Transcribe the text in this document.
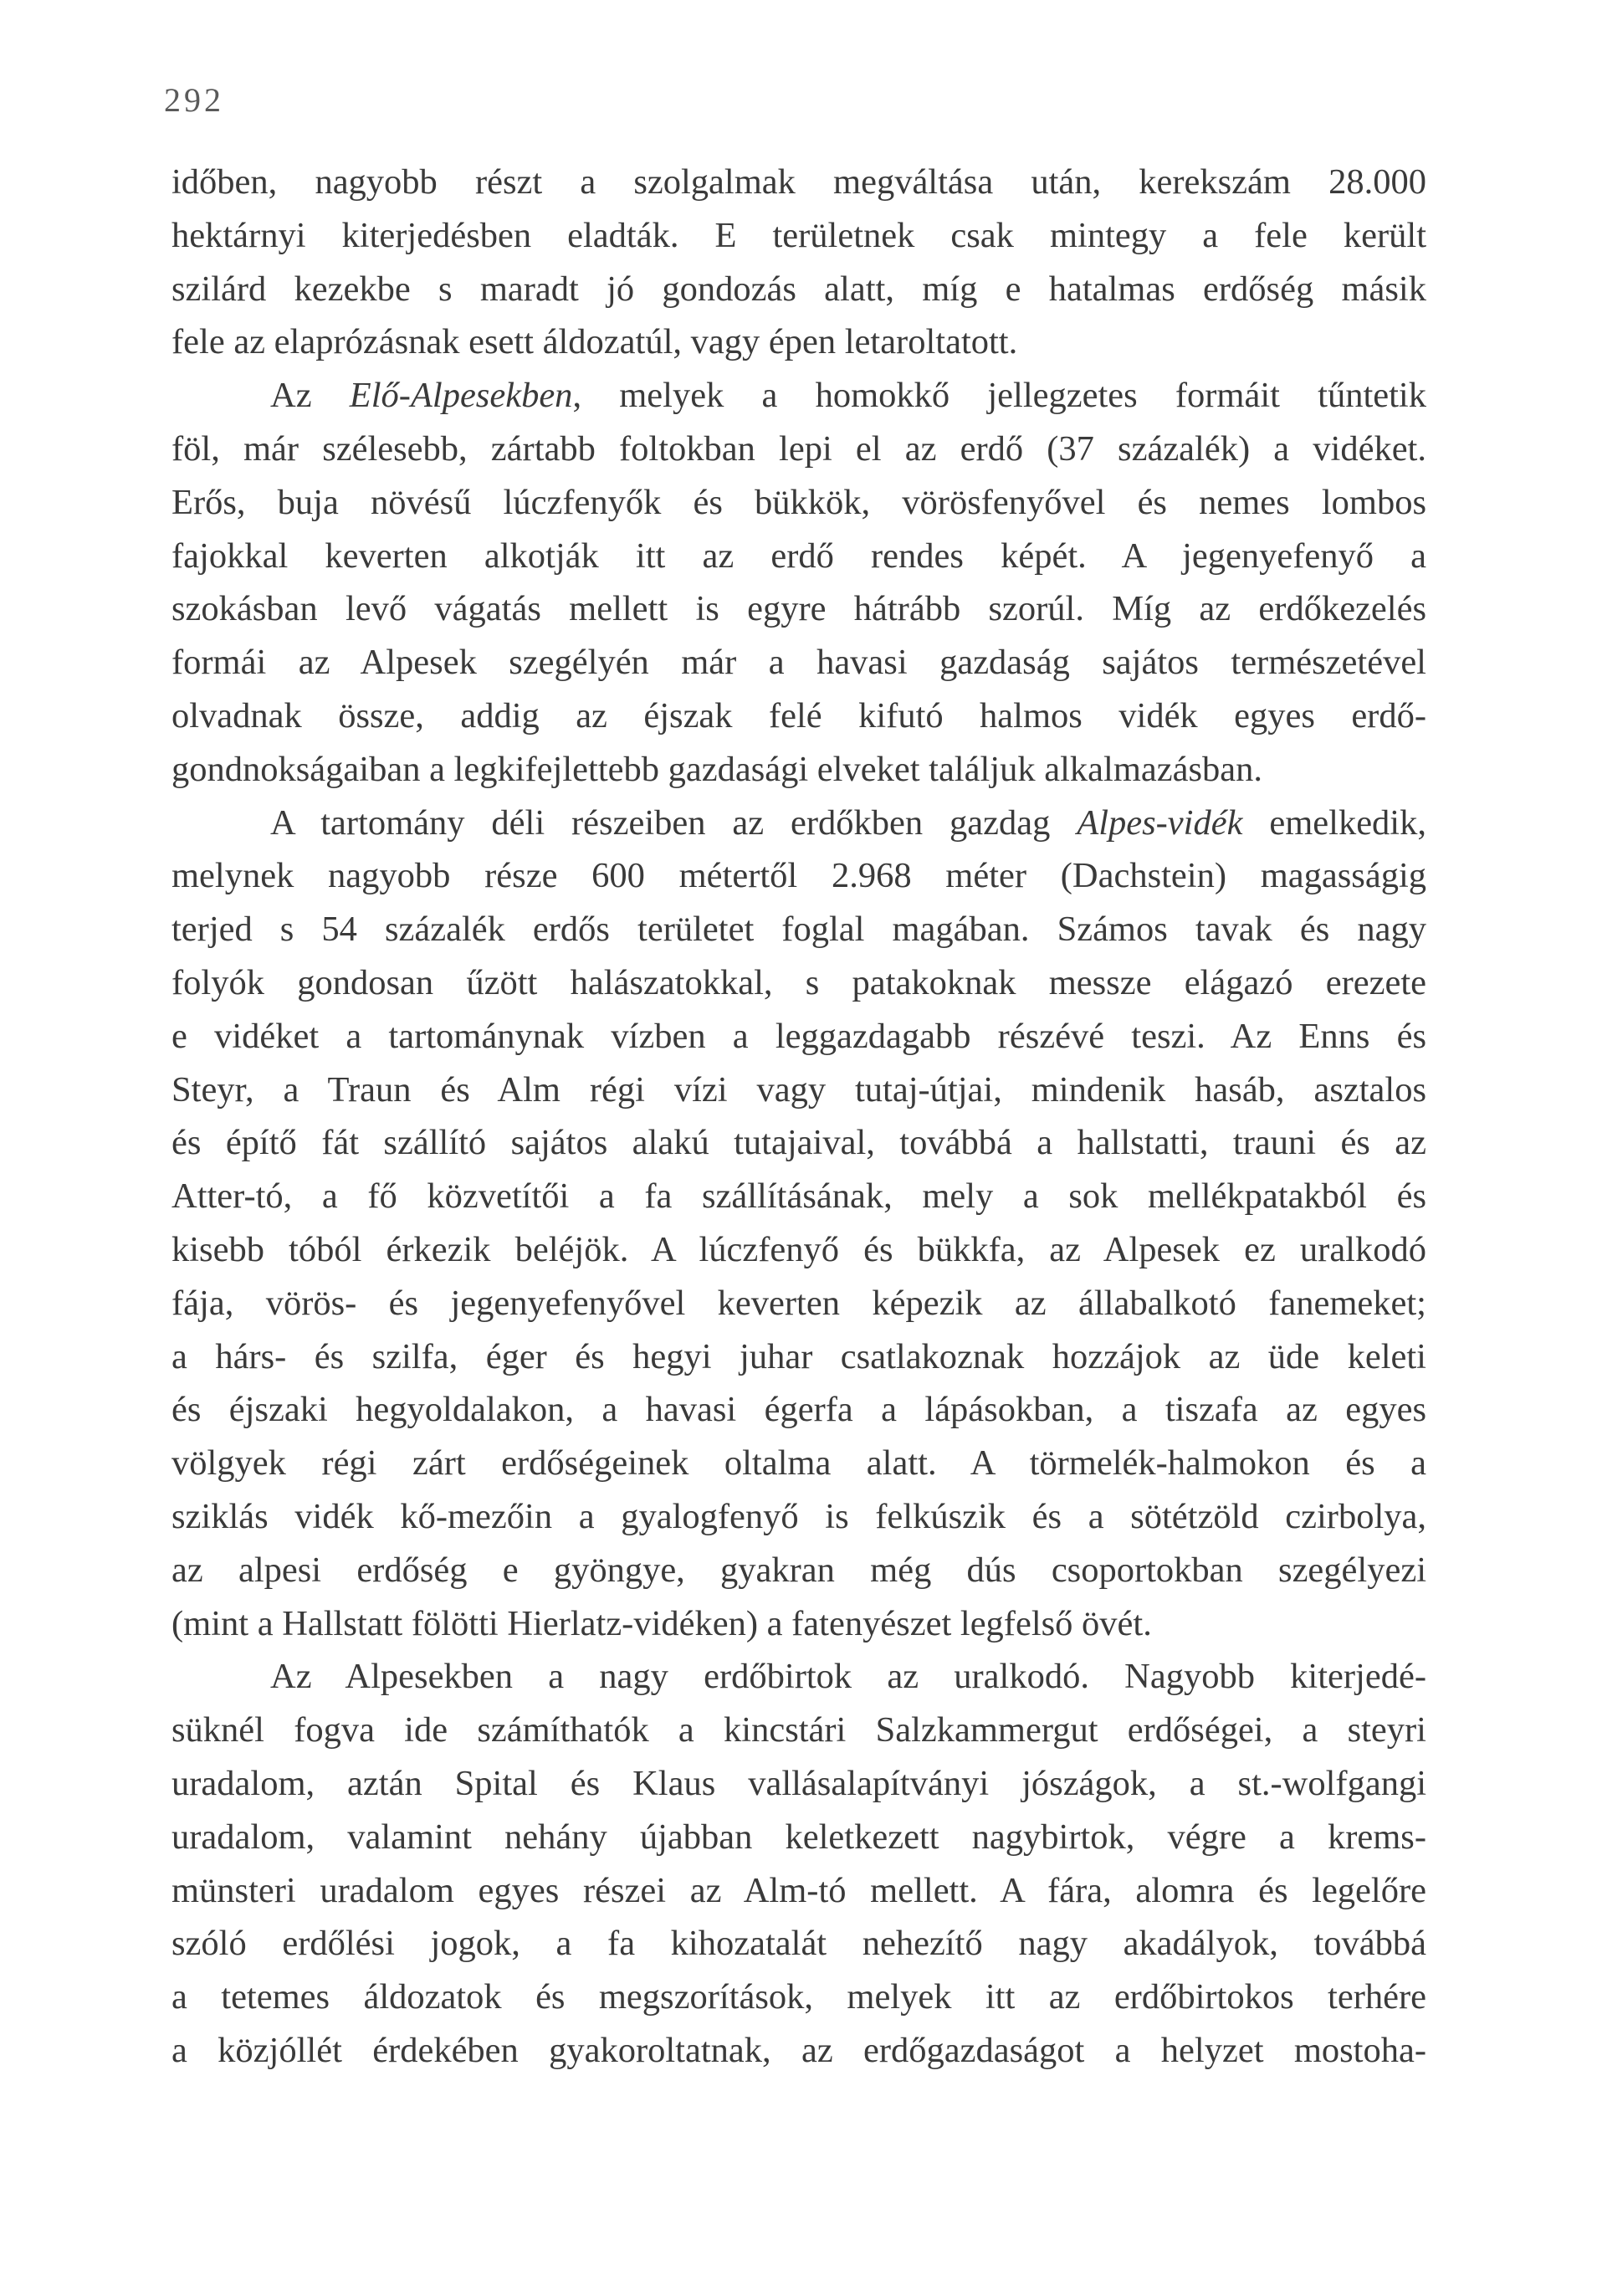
292
időben, nagyobb részt a szolgalmak megváltása után, kerekszám 28.000
hektárnyi kiterjedésben eladták. E területnek csak mintegy a fele került
szilárd kezekbe s maradt jó gondozás alatt, míg e hatalmas erdőség másik
fele az elaprózásnak esett áldozatúl, vagy épen letaroltatott.
Az Elő-Alpesekben, melyek a homokkő jellegzetes formáit tűntetik
föl, már szélesebb, zártabb foltokban lepi el az erdő (37 százalék) a vidéket.
Erős, buja növésű lúczfenyők és bükkök, vörösfenyővel és nemes lombos
fajokkal keverten alkotják itt az erdő rendes képét. A jegenyefenyő a
szokásban levő vágatás mellett is egyre hátrább szorúl. Míg az erdőkezelés
formái az Alpesek szegélyén már a havasi gazdaság sajátos természetével
olvadnak össze, addig az éjszak felé kifutó halmos vidék egyes erdő-
gondnokságaiban a legkifejlettebb gazdasági elveket találjuk alkalmazásban.
A tartomány déli részeiben az erdőkben gazdag Alpes-vidék emelkedik,
melynek nagyobb része 600 métertől 2.968 méter (Dachstein) magasságig
terjed s 54 százalék erdős területet foglal magában. Számos tavak és nagy
folyók gondosan űzött halászatokkal, s patakoknak messze elágazó erezete
e vidéket a tartománynak vízben a leggazdagabb részévé teszi. Az Enns és
Steyr, a Traun és Alm régi vízi vagy tutaj-útjai, mindenik hasáb, asztalos
és építő fát szállító sajátos alakú tutajaival, továbbá a hallstatti, trauni és az
Atter-tó, a fő közvetítői a fa szállításának, mely a sok mellékpatakból és
kisebb tóból érkezik beléjök. A lúczfenyő és bükkfa, az Alpesek ez uralkodó
fája, vörös- és jegenyefenyővel keverten képezik az állabalkotó fanemeket;
a hárs- és szilfa, éger és hegyi juhar csatlakoznak hozzájok az üde keleti
és éjszaki hegyoldalakon, a havasi égerfa a lápásokban, a tiszafa az egyes
völgyek régi zárt erdőségeinek oltalma alatt. A törmelék-halmokon és a
sziklás vidék kő-mezőin a gyalogfenyő is felkúszik és a sötétzöld czirbolya,
az alpesi erdőség e gyöngye, gyakran még dús csoportokban szegélyezi
(mint a Hallstatt fölötti Hierlatz-vidéken) a fatenyészet legfelső övét.
Az Alpesekben a nagy erdőbirtok az uralkodó. Nagyobb kiterjedé-
süknél fogva ide számíthatók a kincstári Salzkammergut erdőségei, a steyri
uradalom, aztán Spital és Klaus vallásalapítványi jószágok, a st.-wolfgangi
uradalom, valamint nehány újabban keletkezett nagybirtok, végre a krems-
münsteri uradalom egyes részei az Alm-tó mellett. A fára, alomra és legelőre
szóló erdőlési jogok, a fa kihozatalát nehezítő nagy akadályok, továbbá
a tetemes áldozatok és megszorítások, melyek itt az erdőbirtokos terhére
a közjóllét érdekében gyakoroltatnak, az erdőgazdaságot a helyzet mostoha-
